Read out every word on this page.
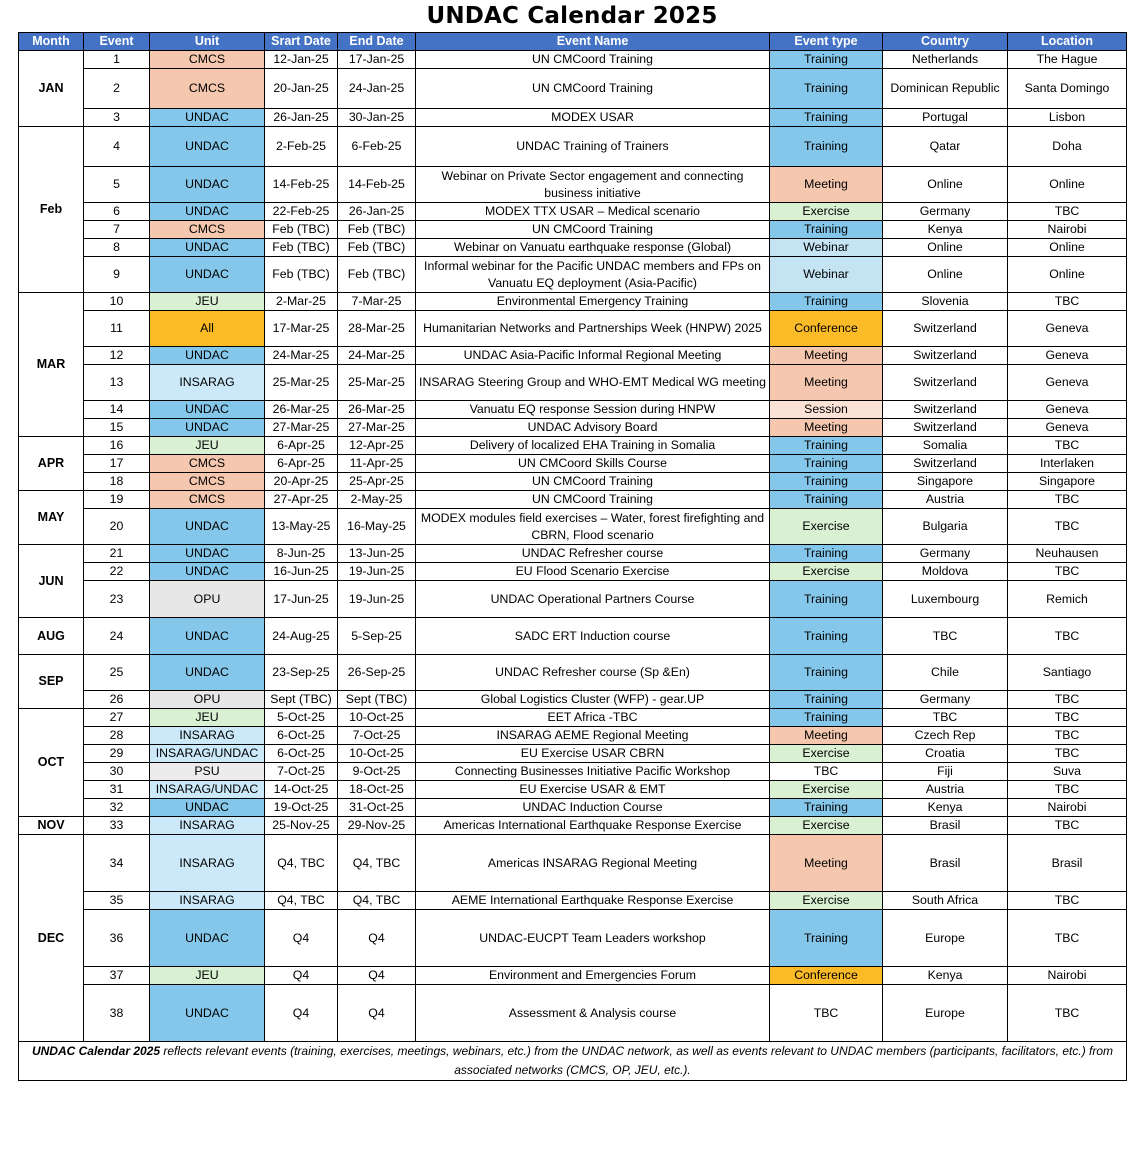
UNDAC Calendar 2025
Month	Event	Unit	Srart Date	End Date	Event Name	Event type	Country	Location
JAN	1	CMCS	12-Jan-25	17-Jan-25	UN CMCoord Training	Training	Netherlands	The Hague
	2	CMCS	20-Jan-25	24-Jan-25	UN CMCoord Training	Training	Dominican Republic	Santa Domingo
	3	UNDAC	26-Jan-25	30-Jan-25	MODEX USAR	Training	Portugal	Lisbon
Feb	4	UNDAC	2-Feb-25	6-Feb-25	UNDAC Training of Trainers	Training	Qatar	Doha
	5	UNDAC	14-Feb-25	14-Feb-25	Webinar on Private Sector engagement and connecting business initiative	Meeting	Online	Online
	6	UNDAC	22-Feb-25	26-Jan-25	MODEX TTX USAR – Medical scenario	Exercise	Germany	TBC
	7	CMCS	Feb (TBC)	Feb (TBC)	UN CMCoord Training	Training	Kenya	Nairobi
	8	UNDAC	Feb (TBC)	Feb (TBC)	Webinar on Vanuatu earthquake response (Global)	Webinar	Online	Online
	9	UNDAC	Feb (TBC)	Feb (TBC)	Informal webinar for the Pacific UNDAC members and FPs on Vanuatu EQ deployment (Asia-Pacific)	Webinar	Online	Online
MAR	10	JEU	2-Mar-25	7-Mar-25	Environmental Emergency Training	Training	Slovenia	TBC
	11	All	17-Mar-25	28-Mar-25	Humanitarian Networks and Partnerships Week (HNPW) 2025	Conference	Switzerland	Geneva
	12	UNDAC	24-Mar-25	24-Mar-25	UNDAC Asia-Pacific Informal Regional Meeting	Meeting	Switzerland	Geneva
	13	INSARAG	25-Mar-25	25-Mar-25	INSARAG Steering Group and WHO-EMT Medical WG meeting	Meeting	Switzerland	Geneva
	14	UNDAC	26-Mar-25	26-Mar-25	Vanuatu EQ response Session during HNPW	Session	Switzerland	Geneva
	15	UNDAC	27-Mar-25	27-Mar-25	UNDAC Advisory Board	Meeting	Switzerland	Geneva
APR	16	JEU	6-Apr-25	12-Apr-25	Delivery of localized EHA Training in Somalia	Training	Somalia	TBC
	17	CMCS	6-Apr-25	11-Apr-25	UN CMCoord Skills Course	Training	Switzerland	Interlaken
	18	CMCS	20-Apr-25	25-Apr-25	UN CMCoord Training	Training	Singapore	Singapore
MAY	19	CMCS	27-Apr-25	2-May-25	UN CMCoord Training	Training	Austria	TBC
	20	UNDAC	13-May-25	16-May-25	MODEX modules field exercises – Water, forest firefighting and CBRN, Flood scenario	Exercise	Bulgaria	TBC
JUN	21	UNDAC	8-Jun-25	13-Jun-25	UNDAC Refresher course	Training	Germany	Neuhausen
	22	UNDAC	16-Jun-25	19-Jun-25	EU Flood Scenario Exercise	Exercise	Moldova	TBC
	23	OPU	17-Jun-25	19-Jun-25	UNDAC Operational Partners Course	Training	Luxembourg	Remich
AUG	24	UNDAC	24-Aug-25	5-Sep-25	SADC ERT Induction course	Training	TBC	TBC
SEP	25	UNDAC	23-Sep-25	26-Sep-25	UNDAC Refresher course (Sp &En)	Training	Chile	Santiago
	26	OPU	Sept (TBC)	Sept (TBC)	Global Logistics Cluster (WFP) - gear.UP	Training	Germany	TBC
OCT	27	JEU	5-Oct-25	10-Oct-25	EET Africa -TBC	Training	TBC	TBC
	28	INSARAG	6-Oct-25	7-Oct-25	INSARAG AEME Regional Meeting	Meeting	Czech Rep	TBC
	29	INSARAG/UNDAC	6-Oct-25	10-Oct-25	EU Exercise USAR CBRN	Exercise	Croatia	TBC
	30	PSU	7-Oct-25	9-Oct-25	Connecting Businesses Initiative Pacific Workshop	TBC	Fiji	Suva
	31	INSARAG/UNDAC	14-Oct-25	18-Oct-25	EU Exercise USAR & EMT	Exercise	Austria	TBC
	32	UNDAC	19-Oct-25	31-Oct-25	UNDAC Induction Course	Training	Kenya	Nairobi
NOV	33	INSARAG	25-Nov-25	29-Nov-25	Americas International Earthquake Response Exercise	Exercise	Brasil	TBC
DEC	34	INSARAG	Q4, TBC	Q4, TBC	Americas INSARAG Regional Meeting	Meeting	Brasil	Brasil
	35	INSARAG	Q4, TBC	Q4, TBC	AEME International Earthquake Response Exercise	Exercise	South Africa	TBC
	36	UNDAC	Q4	Q4	UNDAC-EUCPT Team Leaders workshop	Training	Europe	TBC
	37	JEU	Q4	Q4	Environment and Emergencies Forum	Conference	Kenya	Nairobi
	38	UNDAC	Q4	Q4	Assessment & Analysis course	TBC	Europe	TBC
UNDAC Calendar 2025 reflects relevant events (training, exercises, meetings, webinars, etc.) from the UNDAC network, as well as events relevant to UNDAC members (participants, facilitators, etc.) from associated networks (CMCS, OP, JEU, etc.).								
